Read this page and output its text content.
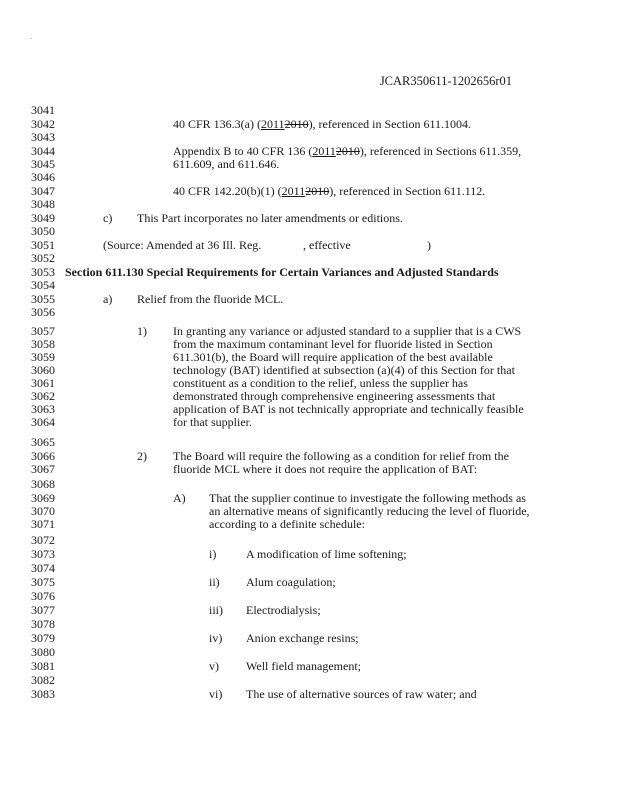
.
JCAR350611-1202656r01
3041
3042
3043
3044
3045
3046
3047
3048
3049
3050
3051
3052
3053
3054
3055
3056
3057
3058
3059
3060
3061
3062
3063
3064
3065
3066
3067
3068
3069
3070
3071
3072
3073
3074
3075
3076
3077
3078
3079
3080
3081
3082
3083
40 CFR 136.3(a) (20112010), referenced in Section 611.1004.
Appendix B to 40 CFR 136 (20112010), referenced in Sections 611.359,
611.609, and 611.646.
40 CFR 142.20(b)(1) (20112010), referenced in Section 611.112.
c) This Part incorporates no later amendments or editions.
(Source: Amended at 36 Ill. Reg.	, effective	)
Section 611.130 Special Requirements for Certain Variances and Adjusted Standards
a) Relief from the fluoride MCL.
1) In granting any variance or adjusted standard to a supplier that is a CWS
from the maximum contaminant level for fluoride listed in Section
611.301(b), the Board will require application of the best available
technology (BAT) identified at subsection (a)(4) of this Section for that
constituent as a condition to the relief, unless the supplier has
demonstrated through comprehensive engineering assessments that
application of BAT is not technically appropriate and technically feasible
for that supplier.
2) The Board will require the following as a condition for relief from the
fluoride MCL where it does not require the application of BAT:
A) That the supplier continue to investigate the following methods as
an alternative means of significantly reducing the level of fluoride,
according to a definite schedule:
i) A modification of lime softening;
ii) Alum coagulation;
iii) Electrodialysis;
iv) Anion exchange resins;
v) Well field management;
vi) The use of alternative sources of raw water; and
